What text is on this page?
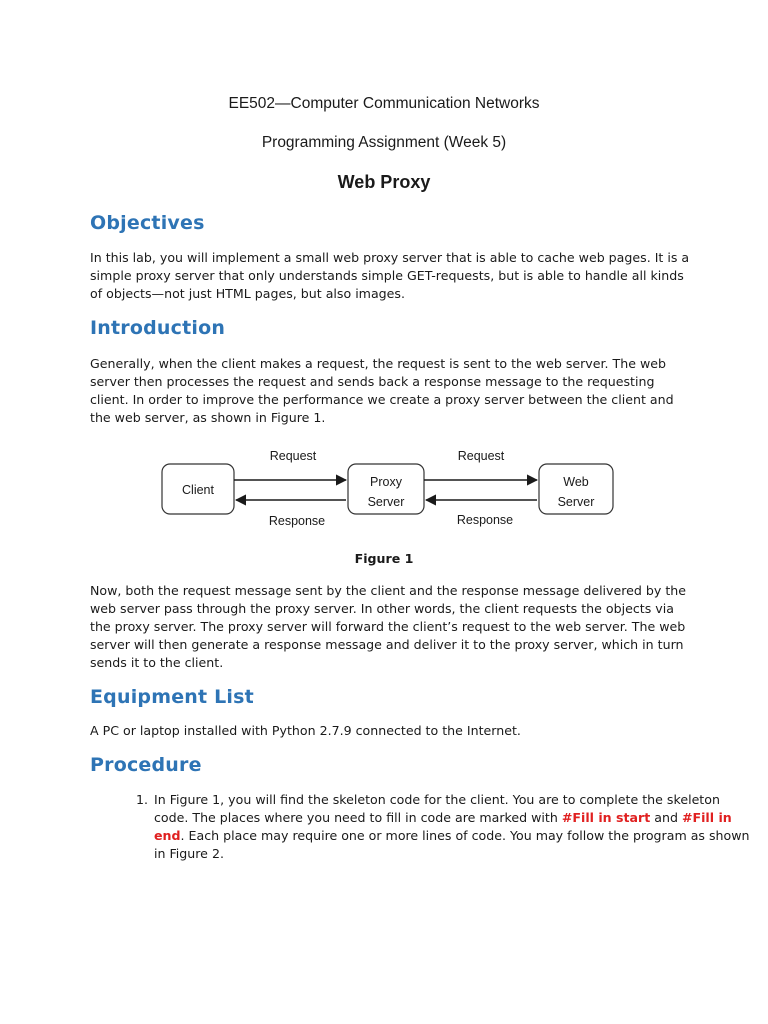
EE502—Computer Communication Networks
Programming Assignment (Week 5)
Web Proxy
Objectives

In this lab, you will implement a small web proxy server that is able to cache web pages. It is a simple proxy server that only understands simple GET-requests, but is able to handle all kinds of objects—not just HTML pages, but also images.

Introduction

Generally, when the client makes a request, the request is sent to the web server. The web server then processes the request and sends back a response message to the requesting client. In order to improve the performance we create a proxy server between the client and the web server, as shown in Figure 1.

Client
Proxy
Server
Web
Server
Request	Request
Response	Response
Figure 1

Now, both the request message sent by the client and the response message delivered by the web server pass through the proxy server. In other words, the client requests the objects via the proxy server. The proxy server will forward the client’s request to the web server. The web server will then generate a response message and deliver it to the proxy server, which in turn sends it to the client.

Equipment List

A PC or laptop installed with Python 2.7.9 connected to the Internet.

Procedure
1. In Figure 1, you will find the skeleton code for the client. You are to complete the skeleton code. The places where you need to fill in code are marked with #Fill in start and #Fill in end. Each place may require one or more lines of code. You may follow the program as shown in Figure 2.
